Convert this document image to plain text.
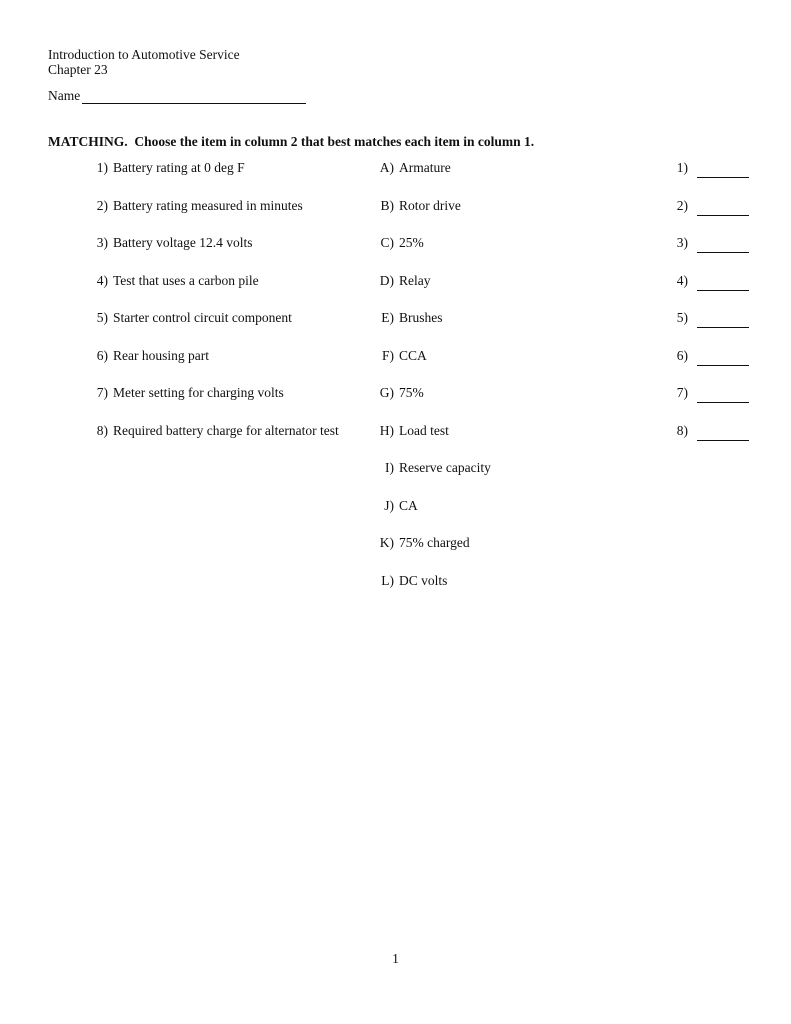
Introduction to Automotive Service
Chapter 23
Name
MATCHING.  Choose the item in column 2 that best matches each item in column 1.
1) Battery rating at 0 deg F
2) Battery rating measured in minutes
3) Battery voltage 12.4 volts
4) Test that uses a carbon pile
5) Starter control circuit component
6) Rear housing part
7) Meter setting for charging volts
8) Required battery charge for alternator test
A) Armature
B) Rotor drive
C) 25%
D) Relay
E) Brushes
F) CCA
G) 75%
H) Load test
I) Reserve capacity
J) CA
K) 75% charged
L) DC volts
1)
2)
3)
4)
5)
6)
7)
8)
1
